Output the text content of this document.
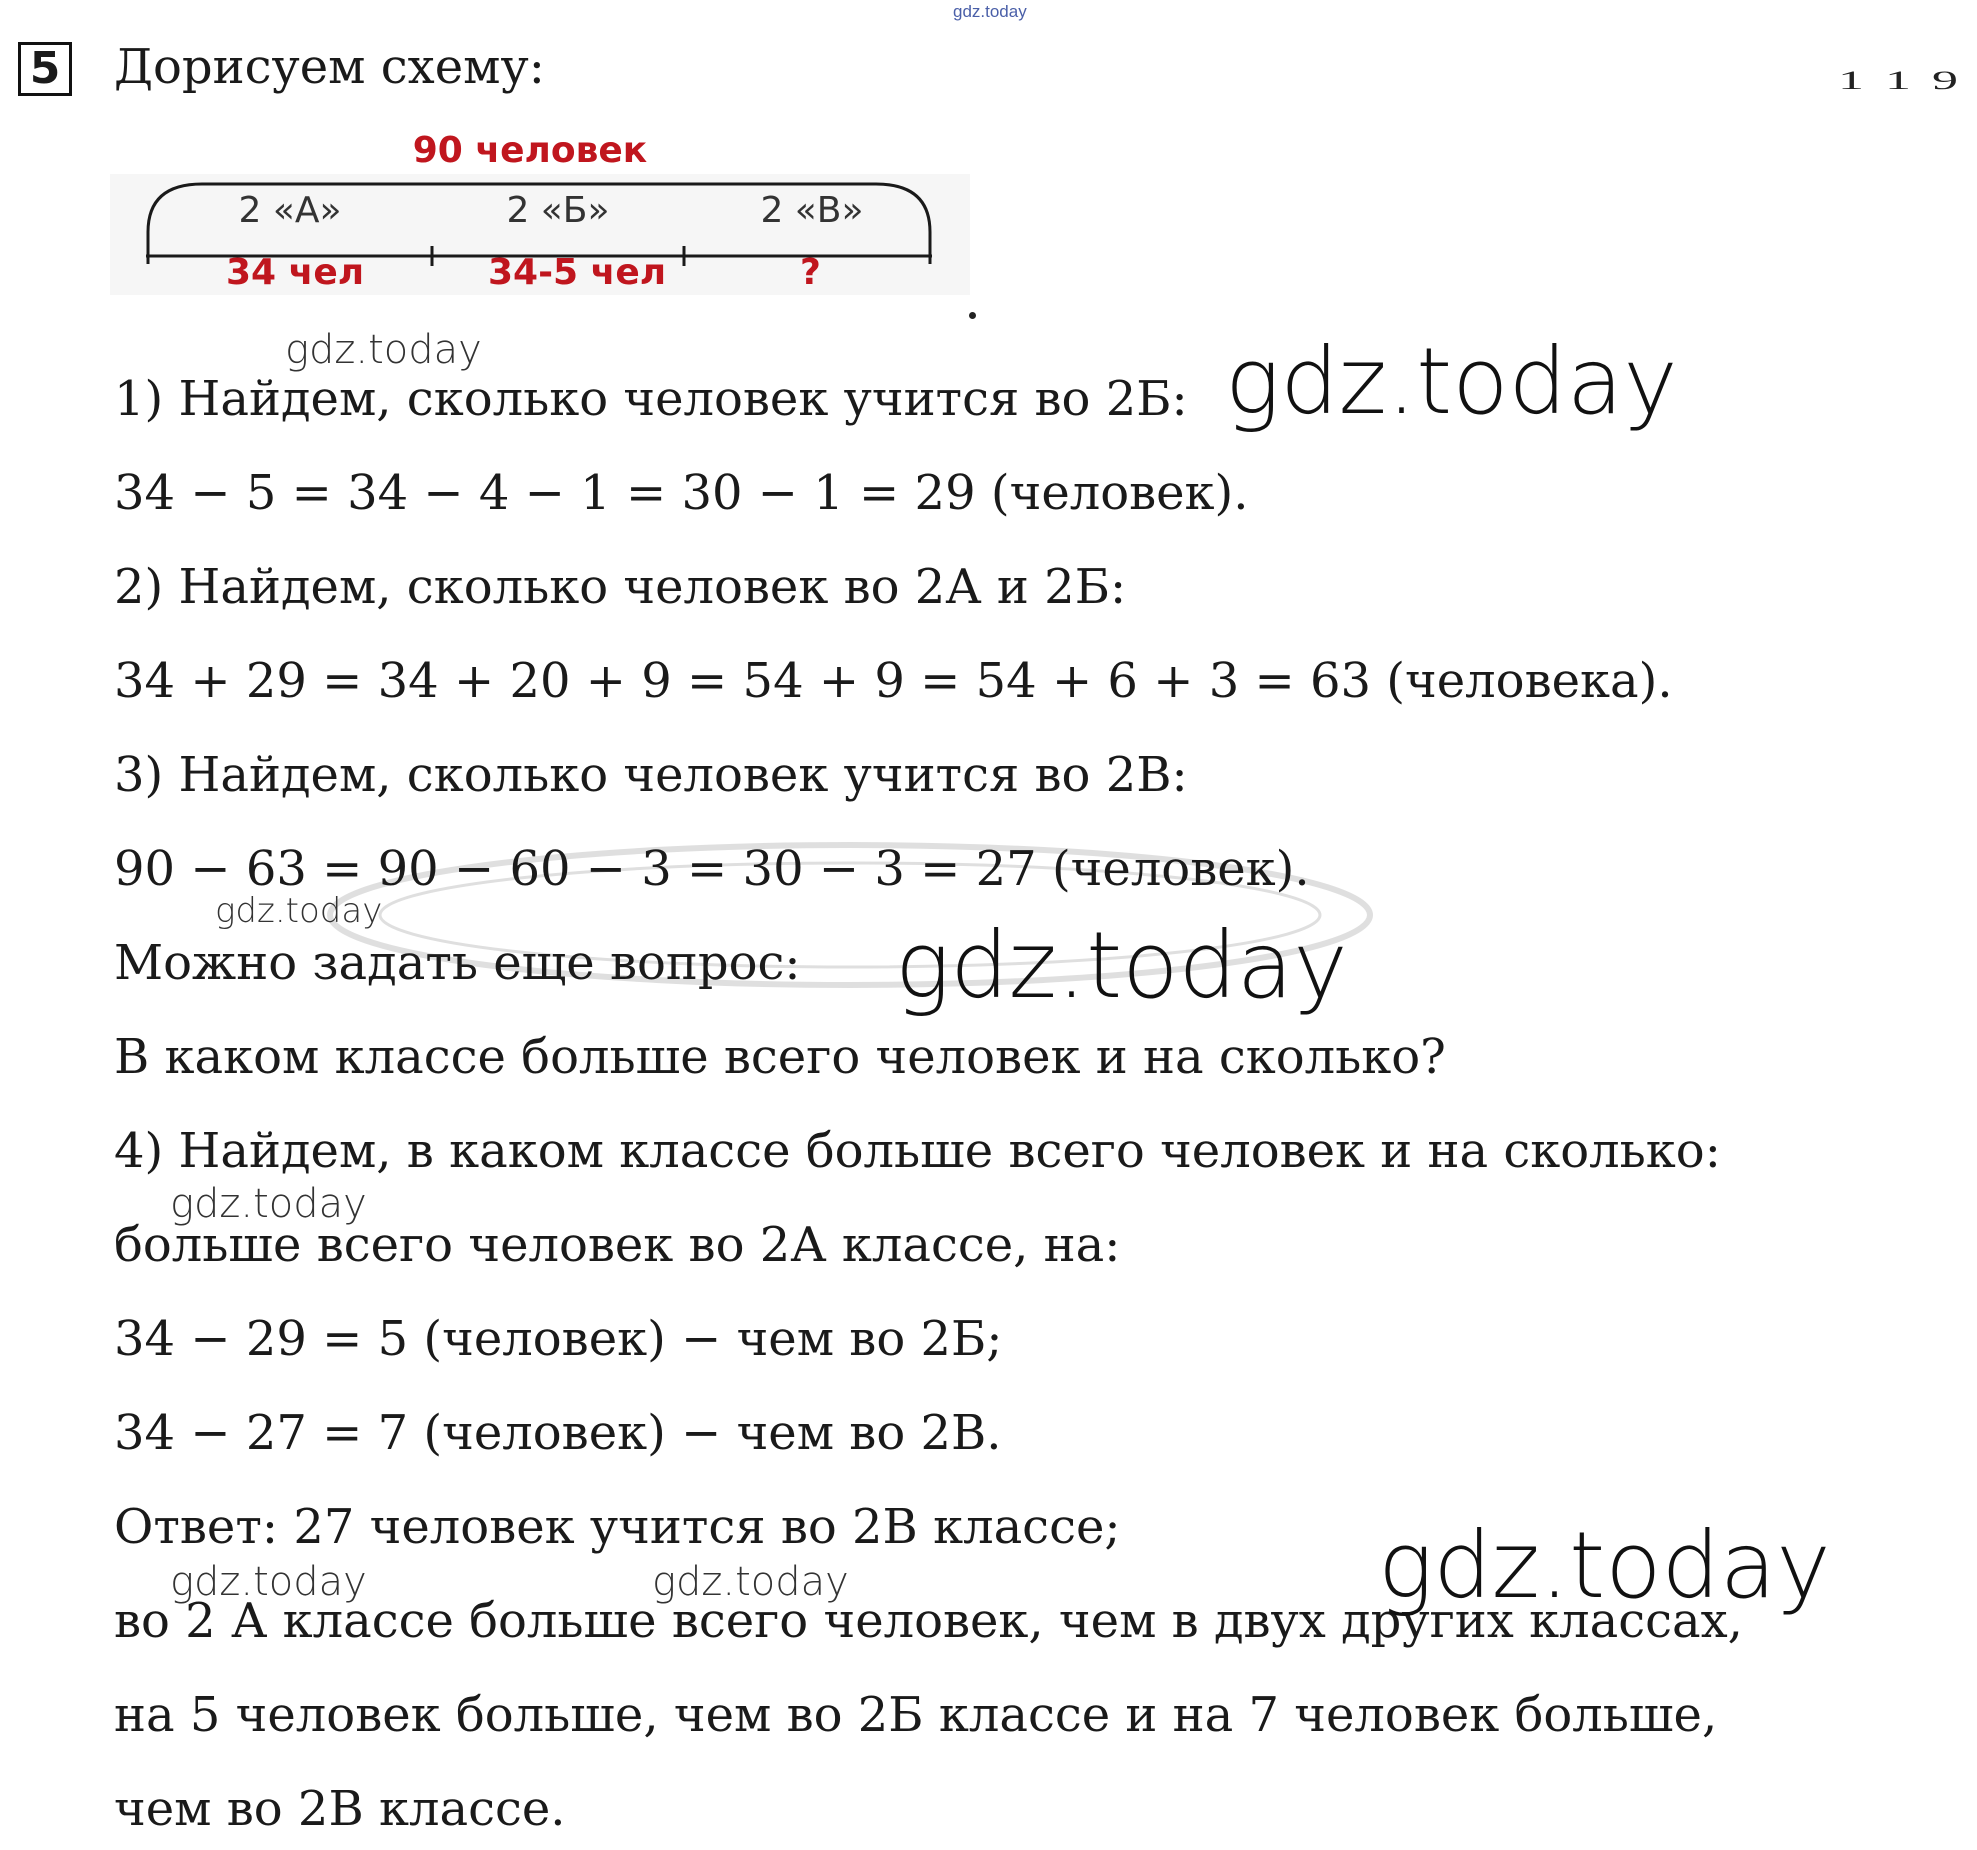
gdz.today
1 1 9
5 Дорисуем схему:
90 человек
2 «А»	2 «Б»	2 «В»
34 чел	34-5 чел	?
1) Найдем, сколько человек учится во 2Б:
34 − 5 = 34 − 4 − 1 = 30 − 1 = 29 (человек).
2) Найдем, сколько человек во 2А и 2Б:
34 + 29 = 34 + 20 + 9 = 54 + 9 = 54 + 6 + 3 = 63 (человека).
3) Найдем, сколько человек учится во 2В:
90 − 63 = 90 − 60 − 3 = 30 − 3 = 27 (человек).
Можно задать еще вопрос:
В каком классе больше всего человек и на сколько?
4) Найдем, в каком классе больше всего человек и на сколько:
больше всего человек во 2А классе, на:
34 − 29 = 5 (человек) − чем во 2Б;
34 − 27 = 7 (человек) − чем во 2В.
Ответ: 27 человек учится во 2В классе;
во 2 А классе больше всего человек, чем в двух других классах,
на 5 человек больше, чем во 2Б классе и на 7 человек больше,
чем во 2В классе.
gdz.today	gdz.today
gdz.today
gdz.today
gdz.today
gdz.today	gdz.today	gdz.today
